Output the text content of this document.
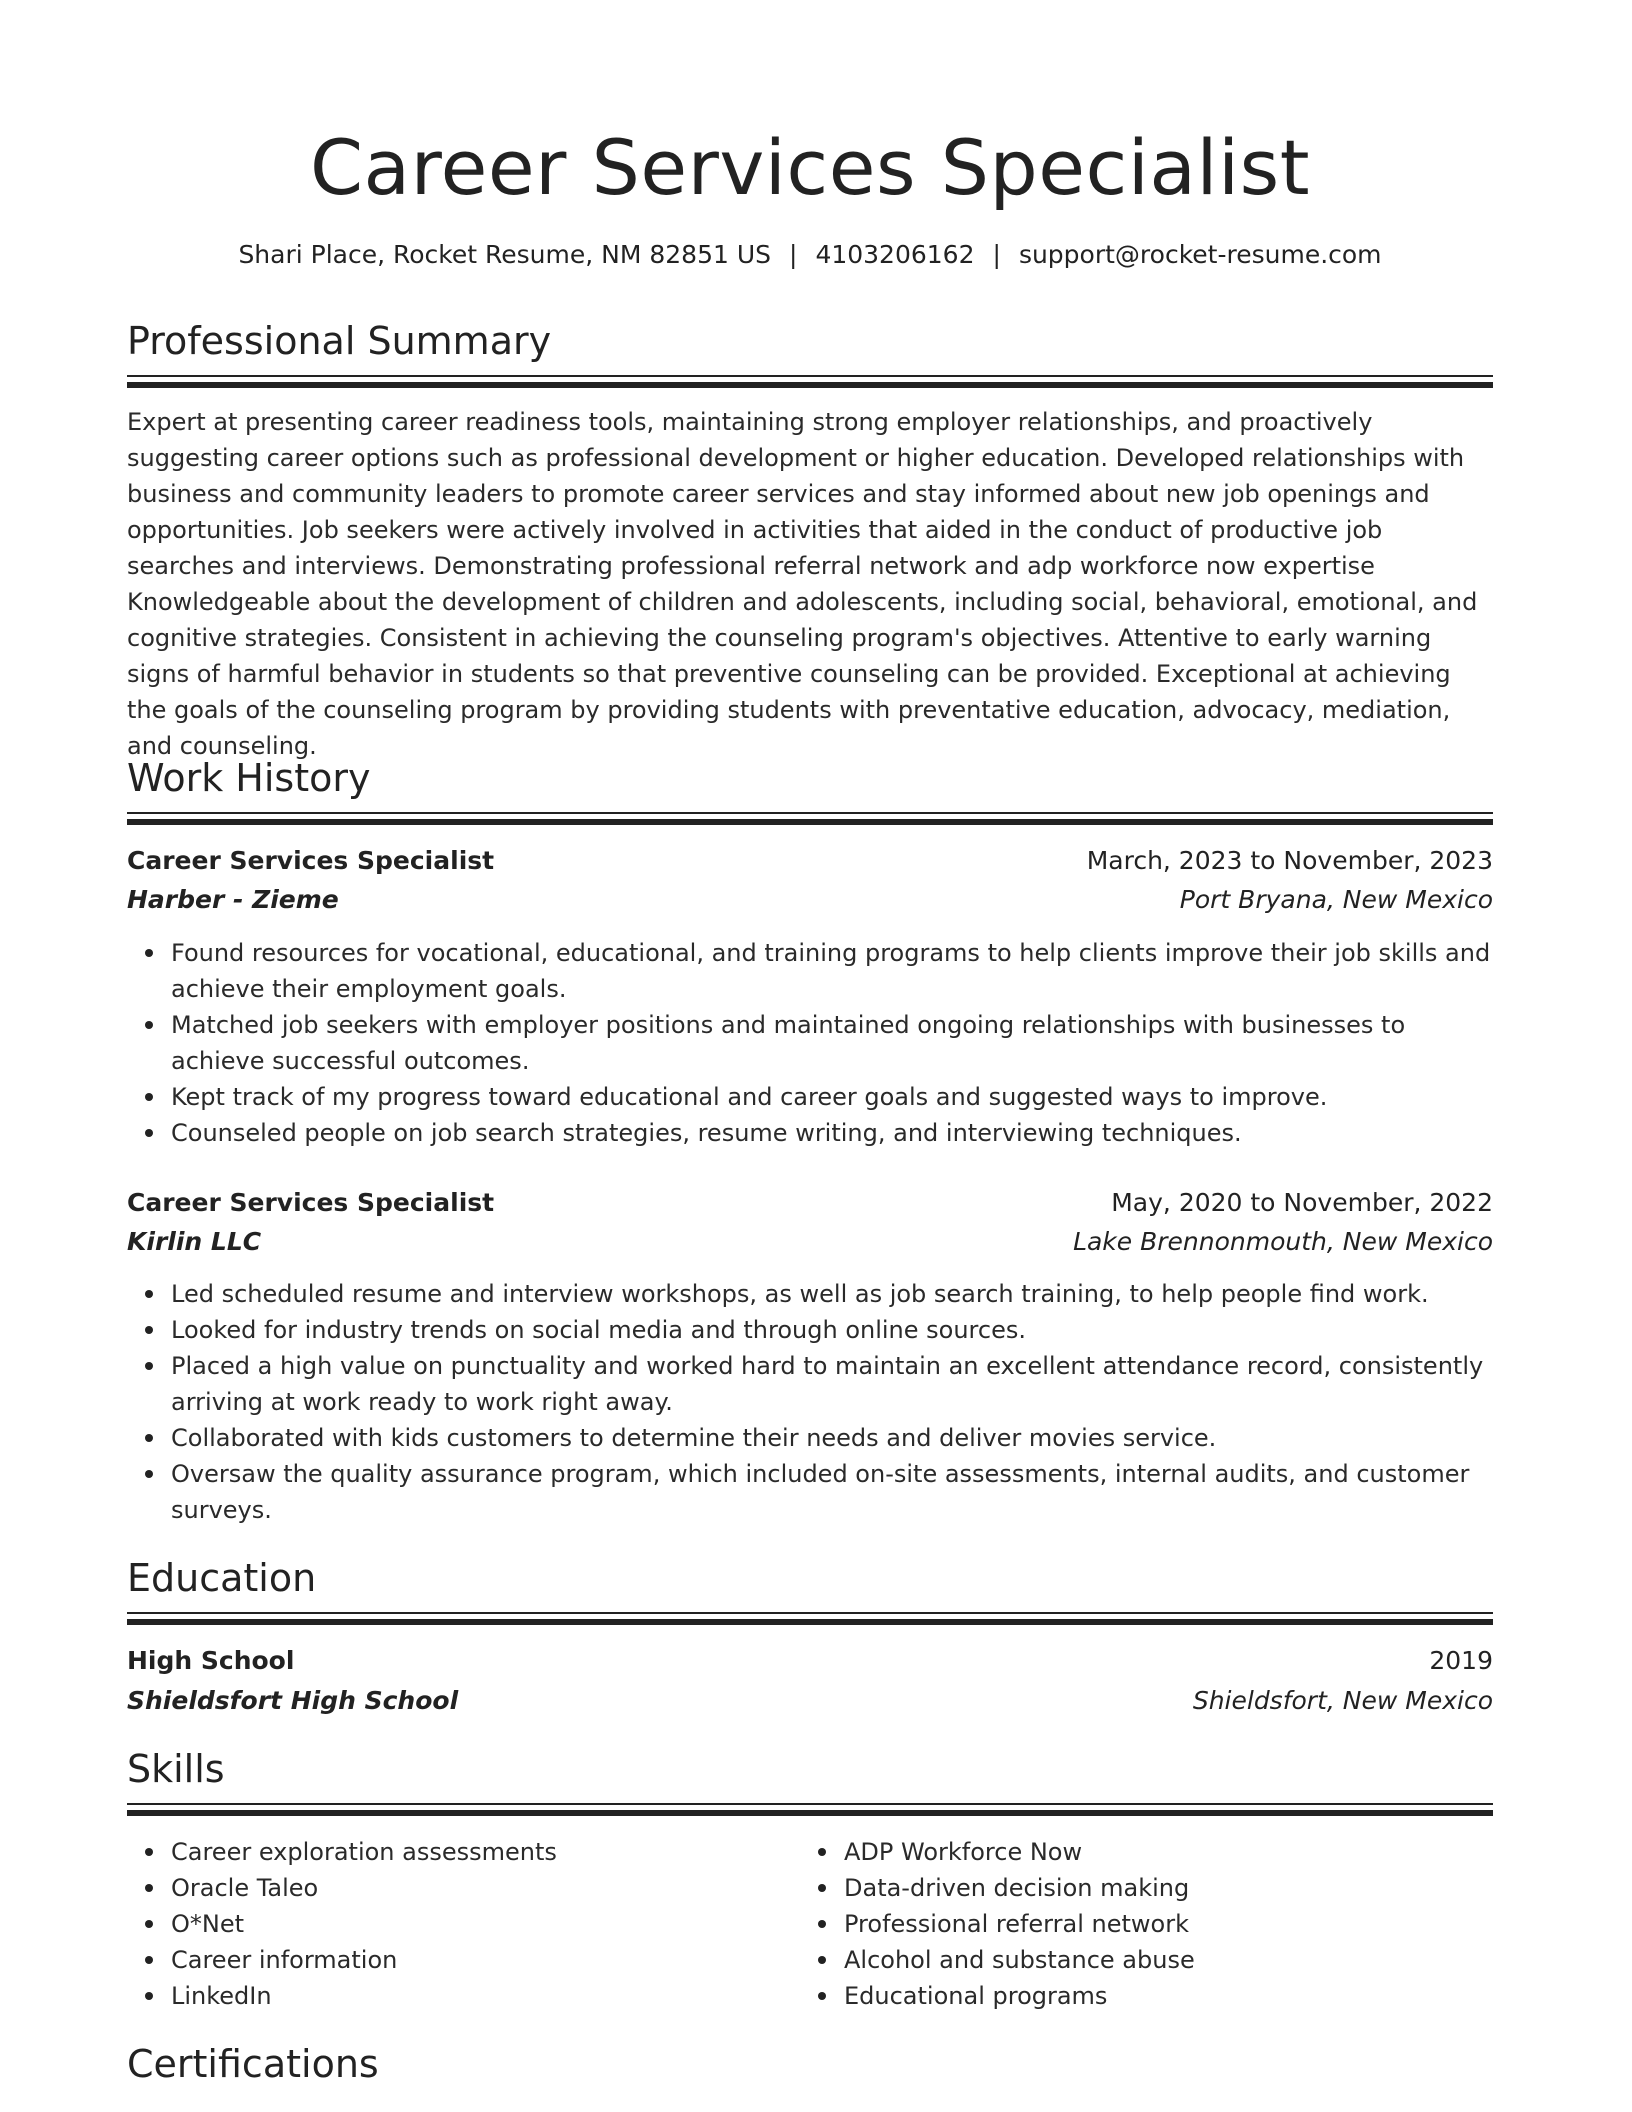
Career Services Specialist
Shari Place, Rocket Resume, NM 82851 US | 4103206162 | support@rocket-resume.com
Professional Summary

Expert at presenting career readiness tools, maintaining strong employer relationships, and proactively suggesting career options such as professional development or higher education. Developed relationships with business and community leaders to promote career services and stay informed about new job openings and opportunities. Job seekers were actively involved in activities that aided in the conduct of productive job searches and interviews. Demonstrating professional referral network and adp workforce now expertise Knowledgeable about the development of children and adolescents, including social, behavioral, emotional, and cognitive strategies. Consistent in achieving the counseling program's objectives. Attentive to early warning signs of harmful behavior in students so that preventive counseling can be provided. Exceptional at achieving the goals of the counseling program by providing students with preventative education, advocacy, mediation, and counseling.

Work History
Career Services Specialist	March, 2023 to November, 2023
Harber - Zieme	Port Bryana, New Mexico
Found resources for vocational, educational, and training programs to help clients improve their job skills and achieve their employment goals.
Matched job seekers with employer positions and maintained ongoing relationships with businesses to achieve successful outcomes.
Kept track of my progress toward educational and career goals and suggested ways to improve.
Counseled people on job search strategies, resume writing, and interviewing techniques.
Career Services Specialist	May, 2020 to November, 2022
Kirlin LLC	Lake Brennonmouth, New Mexico
Led scheduled resume and interview workshops, as well as job search training, to help people find work.
Looked for industry trends on social media and through online sources.
Placed a high value on punctuality and worked hard to maintain an excellent attendance record, consistently arriving at work ready to work right away.
Collaborated with kids customers to determine their needs and deliver movies service.
Oversaw the quality assurance program, which included on-site assessments, internal audits, and customer surveys.
Education
High School	2019
Shieldsfort High School	Shieldsfort, New Mexico
Skills
Career exploration assessments
Oracle Taleo
O*Net
Career information
LinkedIn
ADP Workforce Now
Data-driven decision making
Professional referral network
Alcohol and substance abuse
Educational programs
Certifications
